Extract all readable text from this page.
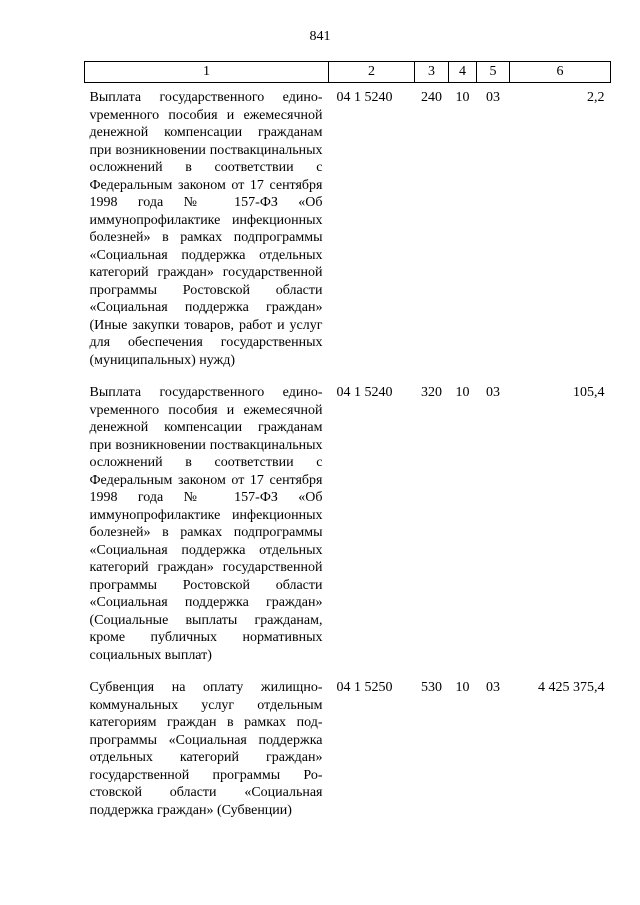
841
1	2	3	4	5	6
Выплата государственного единоvременного пособия и ежемесячной денежной компенсации гражданам при возникновении поствакцинальных осложнений в соответствии с Федеральным законом от 17 сентября 1998 года № 157-ФЗ «Об иммунопрофилактике инфекционных болезней» в рамках подпрограммы «Социальная поддержка отдельных категорий граждан» государственной программы Ростовской области «Социальная поддержка граждан» (Иные закупки товаров, работ и услуг для обеспечения государственных (муниципальных) нужд)	04 1 5240	240	10	03	2,2
Выплата государственного единоvременного пособия и ежемесячной денежной компенсации гражданам при возникновении поствакцинальных осложнений в соответствии с Федеральным законом от 17 сентября 1998 года № 157-ФЗ «Об иммунопрофилактике инфекционных болезней» в рамках подпрограммы «Социальная поддержка отдельных категорий граждан» государственной программы Ростовской области «Социальная поддержка граждан» (Социальные выплаты гражданам, кроме публичных нормативных социальных выплат)	04 1 5240	320	10	03	105,4
Субвенция на оплату жилищно-коммунальных услуг отдельным категориям граждан в рамках подпрограммы «Социальная поддержка отдельных категорий граждан» государственной программы Ростовской области «Социальная поддержка граждан» (Субвенции)	04 1 5250	530	10	03	4 425 375,4
